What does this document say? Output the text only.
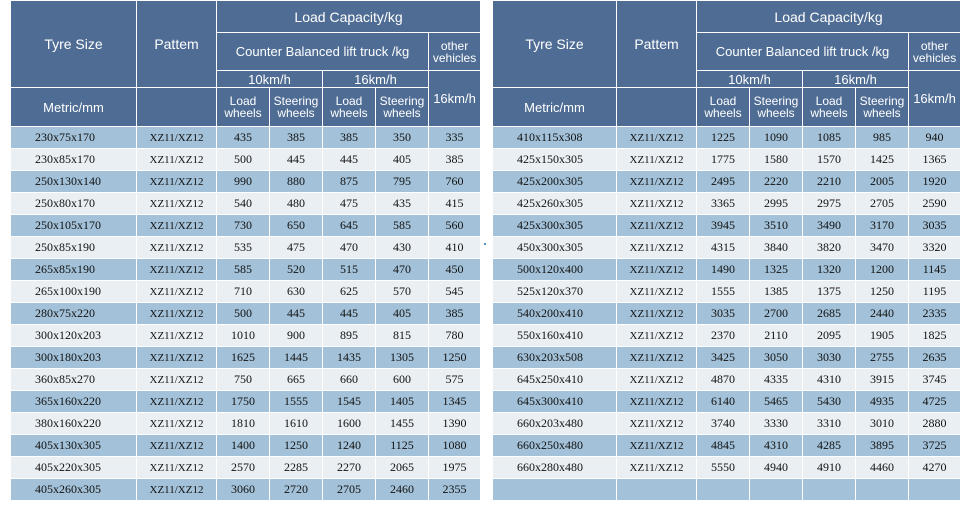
Tyre Size	Pattem	Load Capacity/kg				
		Counter Balanced lift truck /kg				other vehicles
		10km/h		16km/h		16km/h
Metric/mm		Load wheels	Steering wheels	Load wheels	Steering wheels	
230x75x170	XZ11/XZ12	435	385	385	350	335
230x85x170	XZ11/XZ12	500	445	445	405	385
250x130x140	XZ11/XZ12	990	880	875	795	760
250x80x170	XZ11/XZ12	540	480	475	435	415
250x105x170	XZ11/XZ12	730	650	645	585	560
250x85x190	XZ11/XZ12	535	475	470	430	410
265x85x190	XZ11/XZ12	585	520	515	470	450
265x100x190	XZ11/XZ12	710	630	625	570	545
280x75x220	XZ11/XZ12	500	445	445	405	385
300x120x203	XZ11/XZ12	1010	900	895	815	780
300x180x203	XZ11/XZ12	1625	1445	1435	1305	1250
360x85x270	XZ11/XZ12	750	665	660	600	575
365x160x220	XZ11/XZ12	1750	1555	1545	1405	1345
380x160x220	XZ11/XZ12	1810	1610	1600	1455	1390
405x130x305	XZ11/XZ12	1400	1250	1240	1125	1080
405x220x305	XZ11/XZ12	2570	2285	2270	2065	1975
405x260x305	XZ11/XZ12	3060	2720	2705	2460	2355
Tyre Size	Pattem	Load Capacity/kg				
		Counter Balanced lift truck /kg				other vehicles
		10km/h		16km/h		16km/h
Metric/mm		Load wheels	Steering wheels	Load wheels	Steering wheels	
410x115x308	XZ11/XZ12	1225	1090	1085	985	940
425x150x305	XZ11/XZ12	1775	1580	1570	1425	1365
425x200x305	XZ11/XZ12	2495	2220	2210	2005	1920
425x260x305	XZ11/XZ12	3365	2995	2975	2705	2590
425x300x305	XZ11/XZ12	3945	3510	3490	3170	3035
450x300x305	XZ11/XZ12	4315	3840	3820	3470	3320
500x120x400	XZ11/XZ12	1490	1325	1320	1200	1145
525x120x370	XZ11/XZ12	1555	1385	1375	1250	1195
540x200x410	XZ11/XZ12	3035	2700	2685	2440	2335
550x160x410	XZ11/XZ12	2370	2110	2095	1905	1825
630x203x508	XZ11/XZ12	3425	3050	3030	2755	2635
645x250x410	XZ11/XZ12	4870	4335	4310	3915	3745
645x300x410	XZ11/XZ12	6140	5465	5430	4935	4725
660x203x480	XZ11/XZ12	3740	3330	3310	3010	2880
660x250x480	XZ11/XZ12	4845	4310	4285	3895	3725
660x280x480	XZ11/XZ12	5550	4940	4910	4460	4270
